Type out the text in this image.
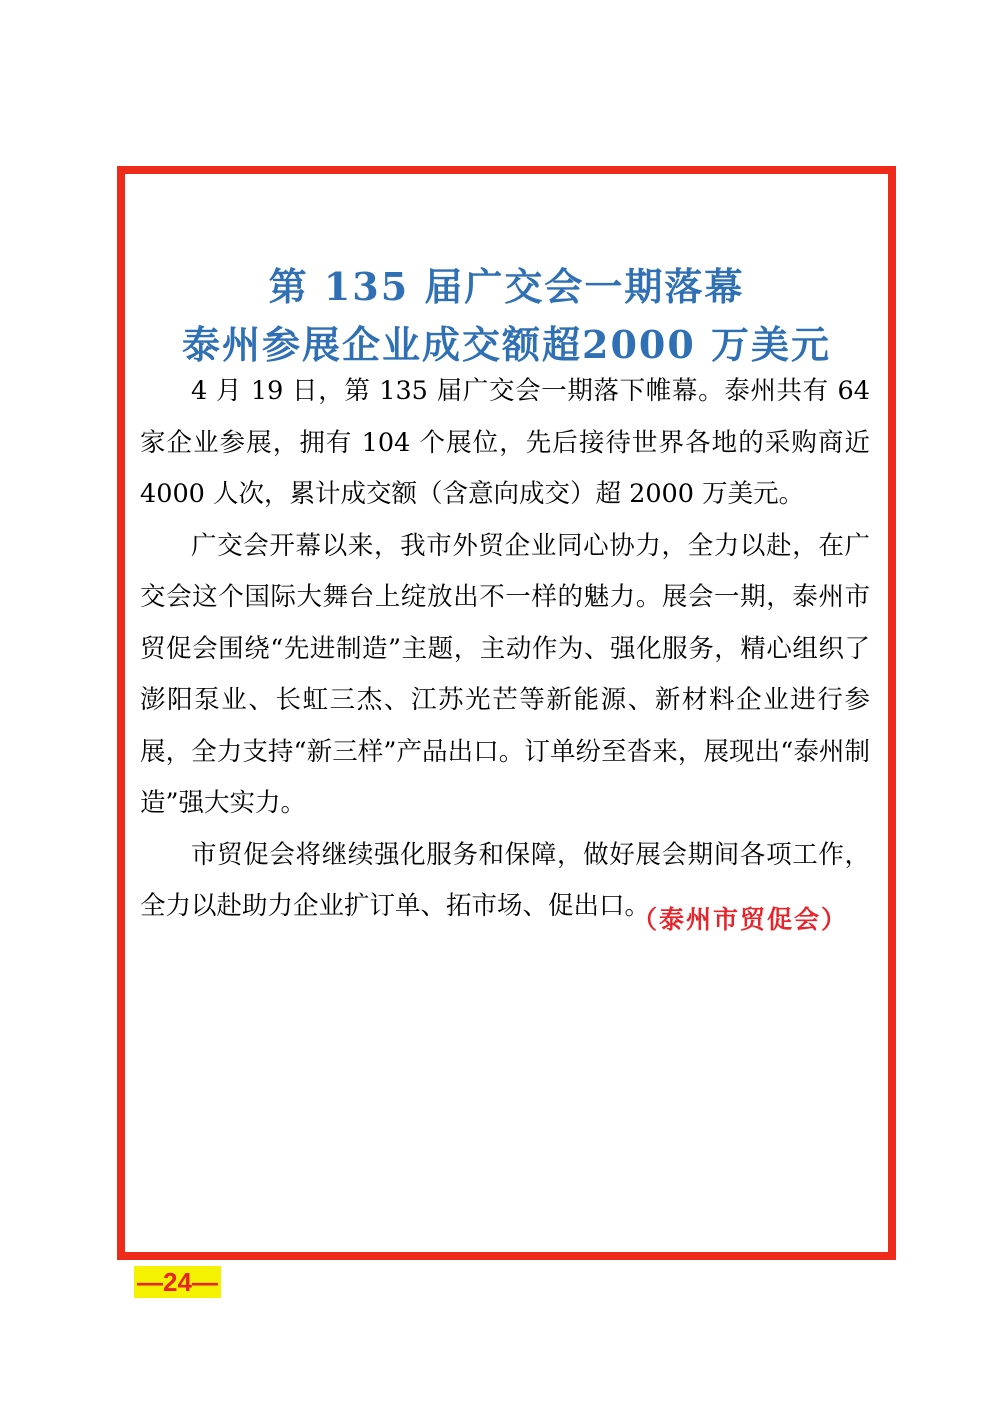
第 135 届广交会一期落幕
泰州参展企业成交额超2000 万美元

4 月 19 日，第 135 届广交会一期落下帷幕。泰州共有 64 家企业参展，拥有 104 个展位，先后接待世界各地的采购商近 4000 人次，累计成交额（含意向成交）超 2000 万美元。

广交会开幕以来，我市外贸企业同心协力，全力以赴，在广交会这个国际大舞台上绽放出不一样的魅力。展会一期，泰州市贸促会围绕“先进制造”主题，主动作为、强化服务，精心组织了澎阳泵业、长虹三杰、江苏光芒等新能源、新材料企业进行参展，全力支持“新三样”产品出口。订单纷至沓来，展现出“泰州制造”强大实力。

市贸促会将继续强化服务和保障，做好展会期间各项工作，全力以赴助力企业扩订单、拓市场、促出口。

（泰州市贸促会）
—24—
